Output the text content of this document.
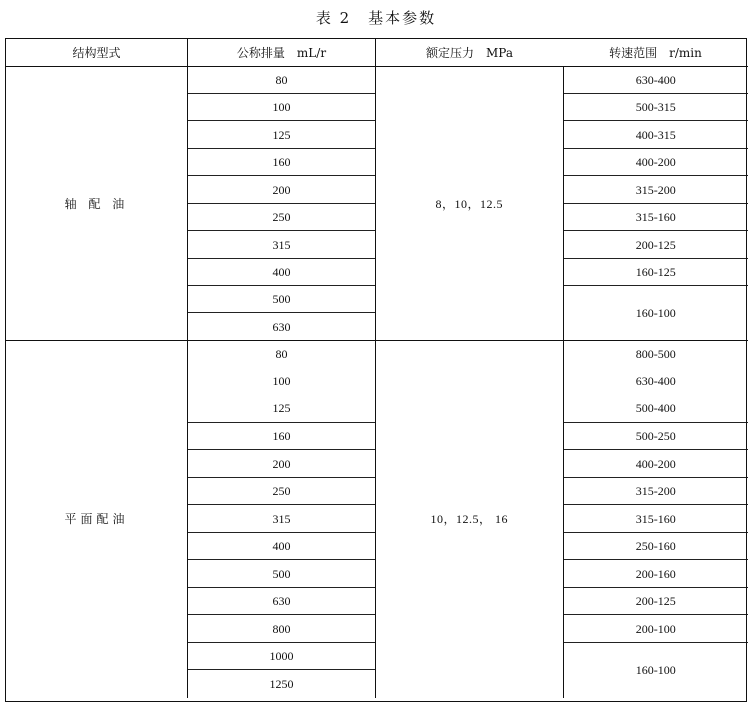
表 2　基本参数
结构型式	公称排量　mL/r	额定压力　MPa	转速范围　r/min
轴 配 油	80	8，10，12.5	630-400
	100		500-315
	125		400-315
	160		400-200
	200		315-200
	250		315-160
	315		200-125
	400		160-125
	500		160-100
	630		
平面配油	80	10，12.5， 16	800-500
	100		630-400
	125		500-400
	160		500-250
	200		400-200
	250		315-200
	315		315-160
	400		250-160
	500		200-160
	630		200-125
	800		200-100
	1000		160-100
	1250		
